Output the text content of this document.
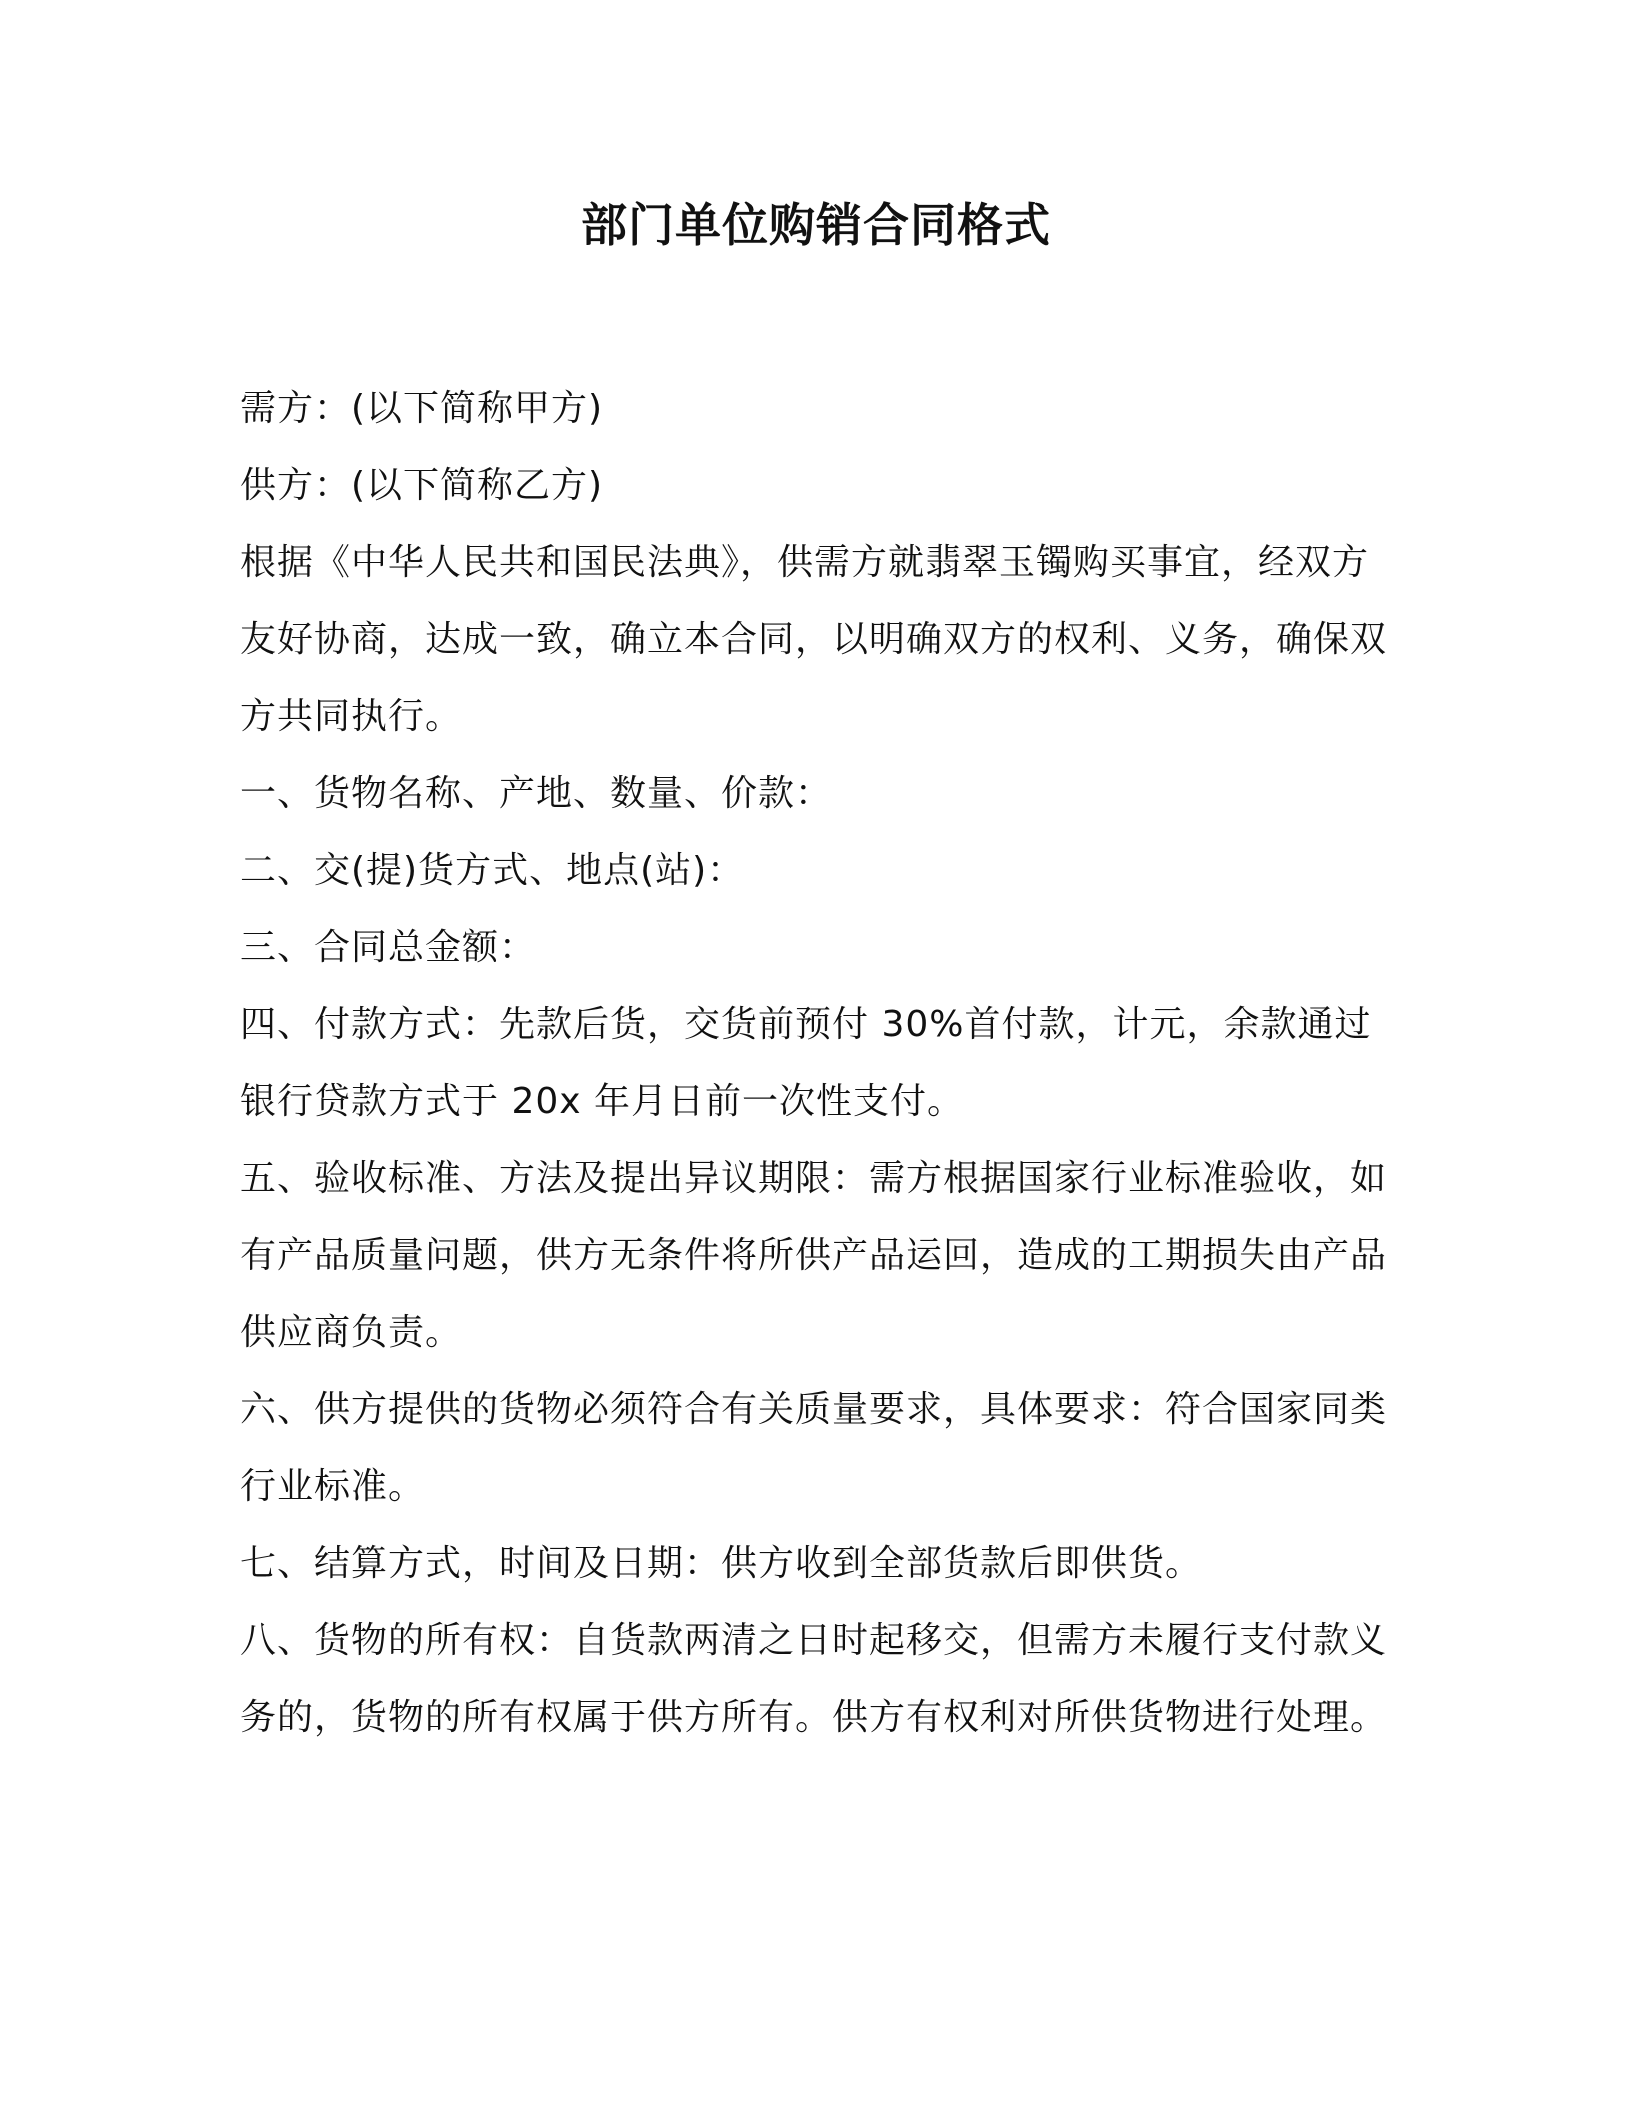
部门单位购销合同格式

需方：(以下简称甲方)

供方：(以下简称乙方)

根据《中华人民共和国民法典》，供需方就翡翠玉镯购买事宜，经双方友好协商，达成一致，确立本合同，以明确双方的权利、义务，确保双方共同执行。

一、货物名称、产地、数量、价款：

二、交(提)货方式、地点(站)：

三、合同总金额：

四、付款方式：先款后货，交货前预付 30%首付款，计元，余款通过银行贷款方式于 20x 年月日前一次性支付。

五、验收标准、方法及提出异议期限：需方根据国家行业标准验收，如有产品质量问题，供方无条件将所供产品运回，造成的工期损失由产品供应商负责。

六、供方提供的货物必须符合有关质量要求，具体要求：符合国家同类行业标准。

七、结算方式，时间及日期：供方收到全部货款后即供货。

八、货物的所有权：自货款两清之日时起移交，但需方未履行支付款义务的，货物的所有权属于供方所有。供方有权利对所供货物进行处理。
